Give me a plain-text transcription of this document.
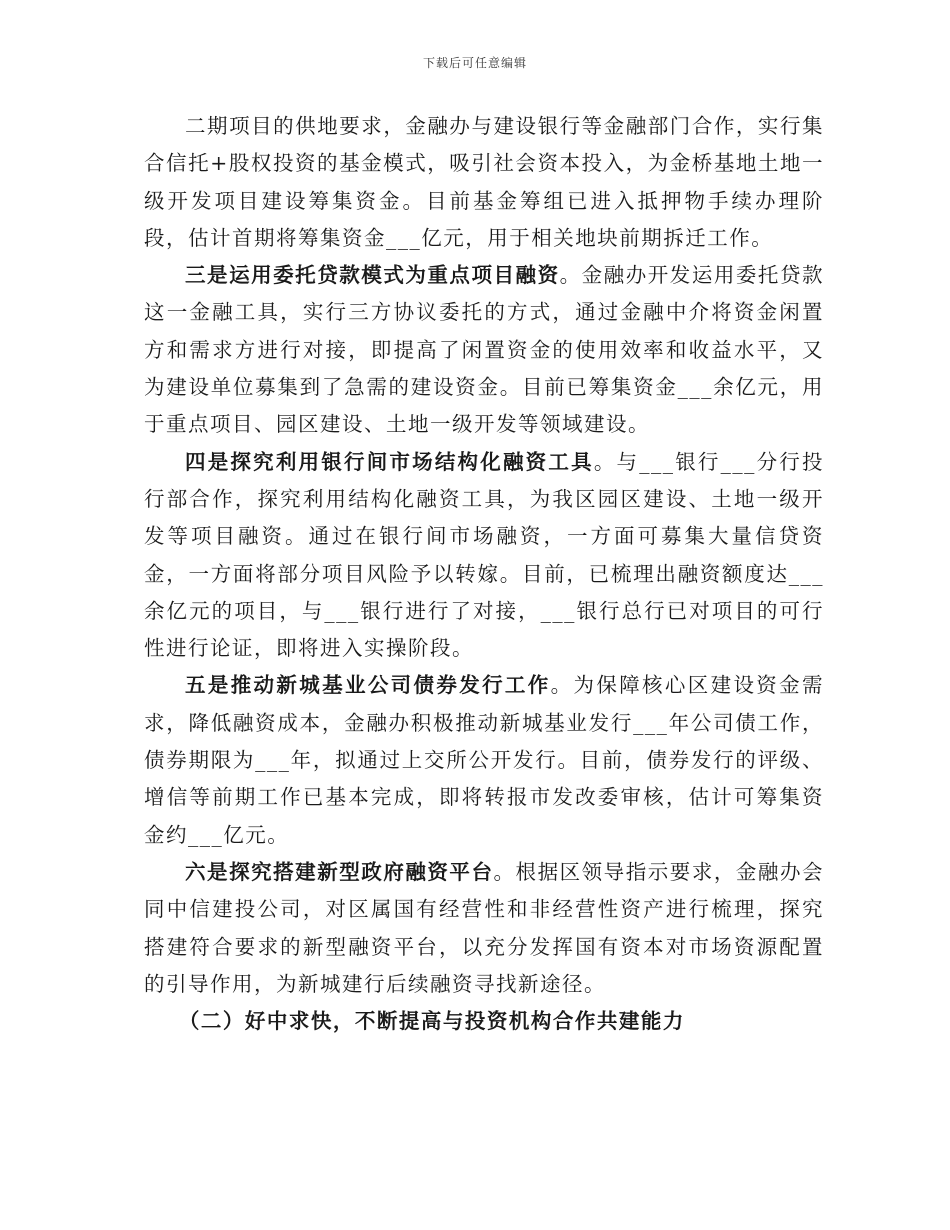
下载后可任意编辑

二期项目的供地要求，金融办与建设银行等金融部门合作，实行集合信托+股权投资的基金模式，吸引社会资本投入，为金桥基地土地一级开发项目建设筹集资金。目前基金筹组已进入抵押物手续办理阶段，估计首期将筹集资金___亿元，用于相关地块前期拆迁工作。

三是运用委托贷款模式为重点项目融资。金融办开发运用委托贷款这一金融工具，实行三方协议委托的方式，通过金融中介将资金闲置方和需求方进行对接，即提高了闲置资金的使用效率和收益水平，又为建设单位募集到了急需的建设资金。目前已筹集资金___余亿元，用于重点项目、园区建设、土地一级开发等领域建设。

四是探究利用银行间市场结构化融资工具。与___银行___分行投行部合作，探究利用结构化融资工具，为我区园区建设、土地一级开发等项目融资。通过在银行间市场融资，一方面可募集大量信贷资金，一方面将部分项目风险予以转嫁。目前，已梳理出融资额度达___余亿元的项目，与___银行进行了对接，___银行总行已对项目的可行性进行论证，即将进入实操阶段。

五是推动新城基业公司债券发行工作。为保障核心区建设资金需求，降低融资成本，金融办积极推动新城基业发行___年公司债工作，债券期限为___年，拟通过上交所公开发行。目前，债券发行的评级、增信等前期工作已基本完成，即将转报市发改委审核，估计可筹集资金约___亿元。

六是探究搭建新型政府融资平台。根据区领导指示要求，金融办会同中信建投公司，对区属国有经营性和非经营性资产进行梳理，探究搭建符合要求的新型融资平台，以充分发挥国有资本对市场资源配置的引导作用，为新城建行后续融资寻找新途径。

（二）好中求快，不断提高与投资机构合作共建能力
